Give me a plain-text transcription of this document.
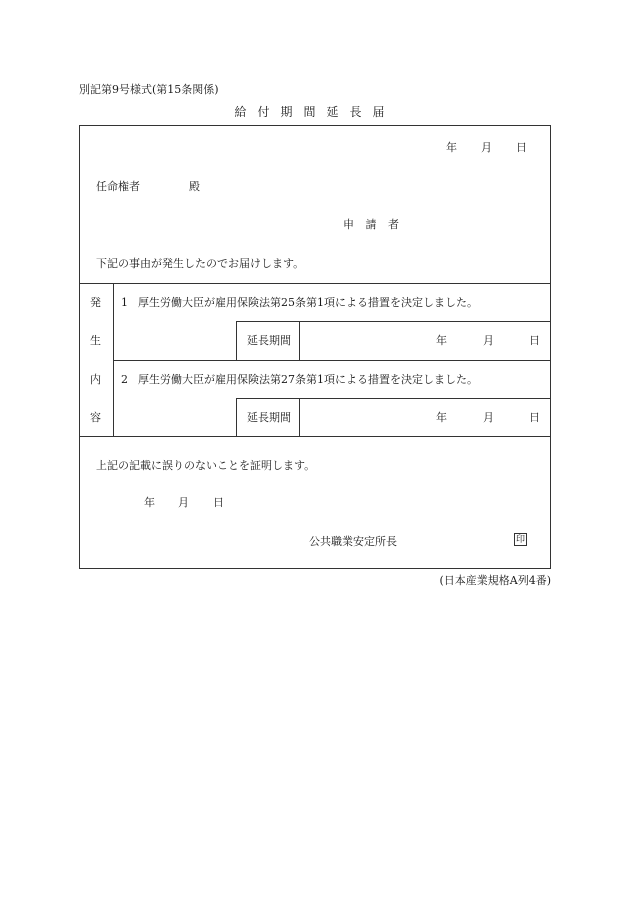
別記第9号様式(第15条関係)
給付期間延長届
年 月 日
任命権者	殿
申 請 者
下記の事由が発生したのでお届けします。
発
生
内
容
1 厚生労働大臣が雇用保険法第25条第1項による措置を決定しました。
延長期間	年	月	日
2 厚生労働大臣が雇用保険法第27条第1項による措置を決定しました。
延長期間	年	月	日
上記の記載に誤りのないことを証明します。
年 月 日
公共職業安定所長	印
(日本産業規格A列4番)
